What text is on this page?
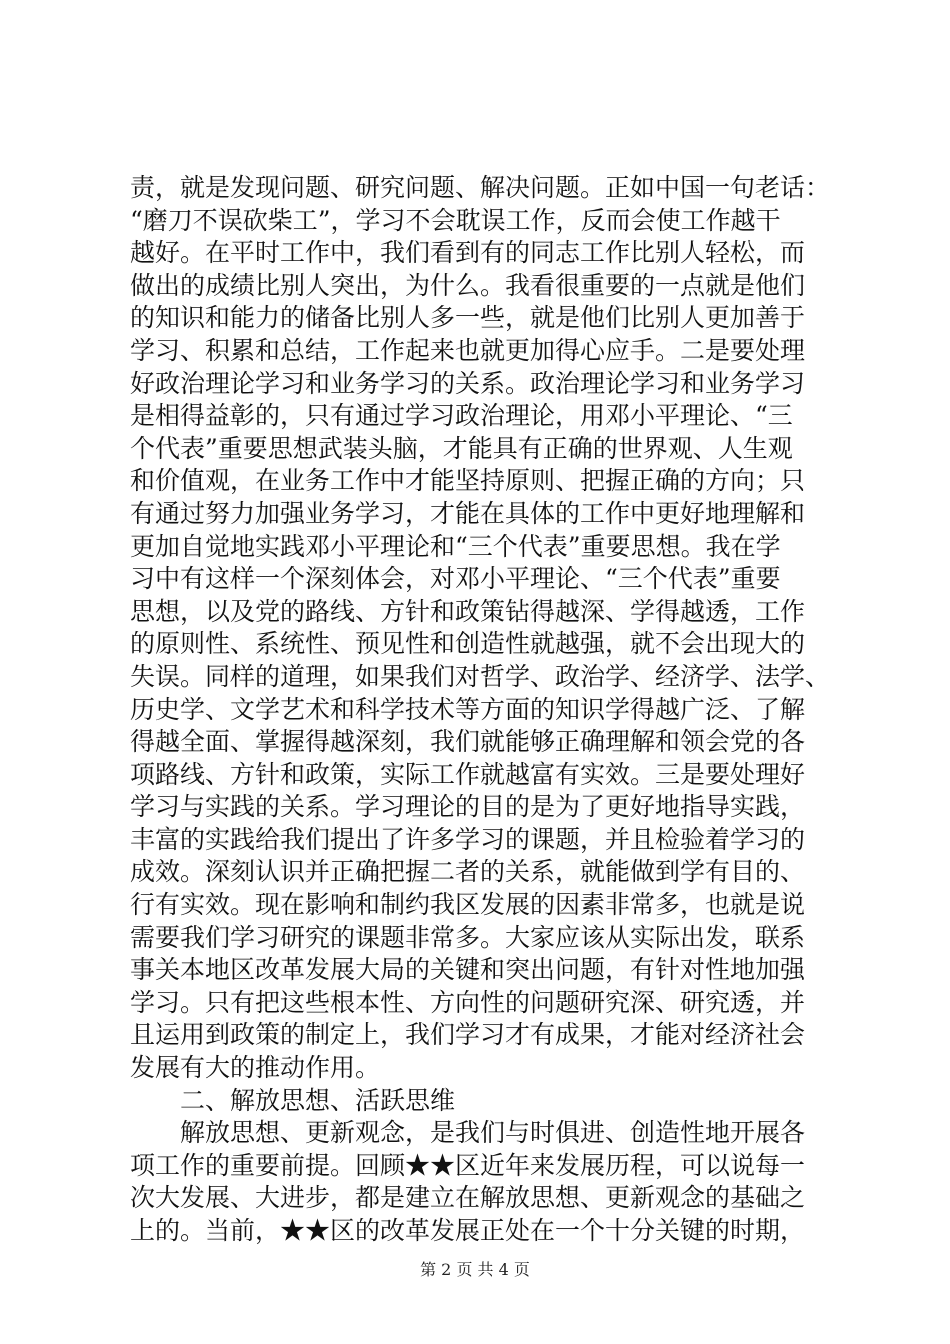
责，就是发现问题、研究问题、解决问题。正如中国一句老话：
“磨刀不误砍柴工”，学习不会耽误工作，反而会使工作越干
越好。在平时工作中，我们看到有的同志工作比别人轻松，而
做出的成绩比别人突出，为什么。我看很重要的一点就是他们
的知识和能力的储备比别人多一些，就是他们比别人更加善于
学习、积累和总结，工作起来也就更加得心应手。二是要处理
好政治理论学习和业务学习的关系。政治理论学习和业务学习
是相得益彰的，只有通过学习政治理论，用邓小平理论、“三
个代表”重要思想武装头脑，才能具有正确的世界观、人生观
和价值观，在业务工作中才能坚持原则、把握正确的方向；只
有通过努力加强业务学习，才能在具体的工作中更好地理解和
更加自觉地实践邓小平理论和“三个代表”重要思想。我在学
习中有这样一个深刻体会，对邓小平理论、“三个代表”重要
思想，以及党的路线、方针和政策钻得越深、学得越透，工作
的原则性、系统性、预见性和创造性就越强，就不会出现大的
失误。同样的道理，如果我们对哲学、政治学、经济学、法学、
历史学、文学艺术和科学技术等方面的知识学得越广泛、了解
得越全面、掌握得越深刻，我们就能够正确理解和领会党的各
项路线、方针和政策，实际工作就越富有实效。三是要处理好
学习与实践的关系。学习理论的目的是为了更好地指导实践，
丰富的实践给我们提出了许多学习的课题，并且检验着学习的
成效。深刻认识并正确把握二者的关系，就能做到学有目的、
行有实效。现在影响和制约我区发展的因素非常多，也就是说
需要我们学习研究的课题非常多。大家应该从实际出发，联系
事关本地区改革发展大局的关键和突出问题，有针对性地加强
学习。只有把这些根本性、方向性的问题研究深、研究透，并
且运用到政策的制定上，我们学习才有成果，才能对经济社会
发展有大的推动作用。
二、解放思想、活跃思维
解放思想、更新观念，是我们与时俱进、创造性地开展各
项工作的重要前提。回顾★★区近年来发展历程，可以说每一
次大发展、大进步，都是建立在解放思想、更新观念的基础之
上的。当前，★★区的改革发展正处在一个十分关键的时期，
第 2 页 共 4 页
